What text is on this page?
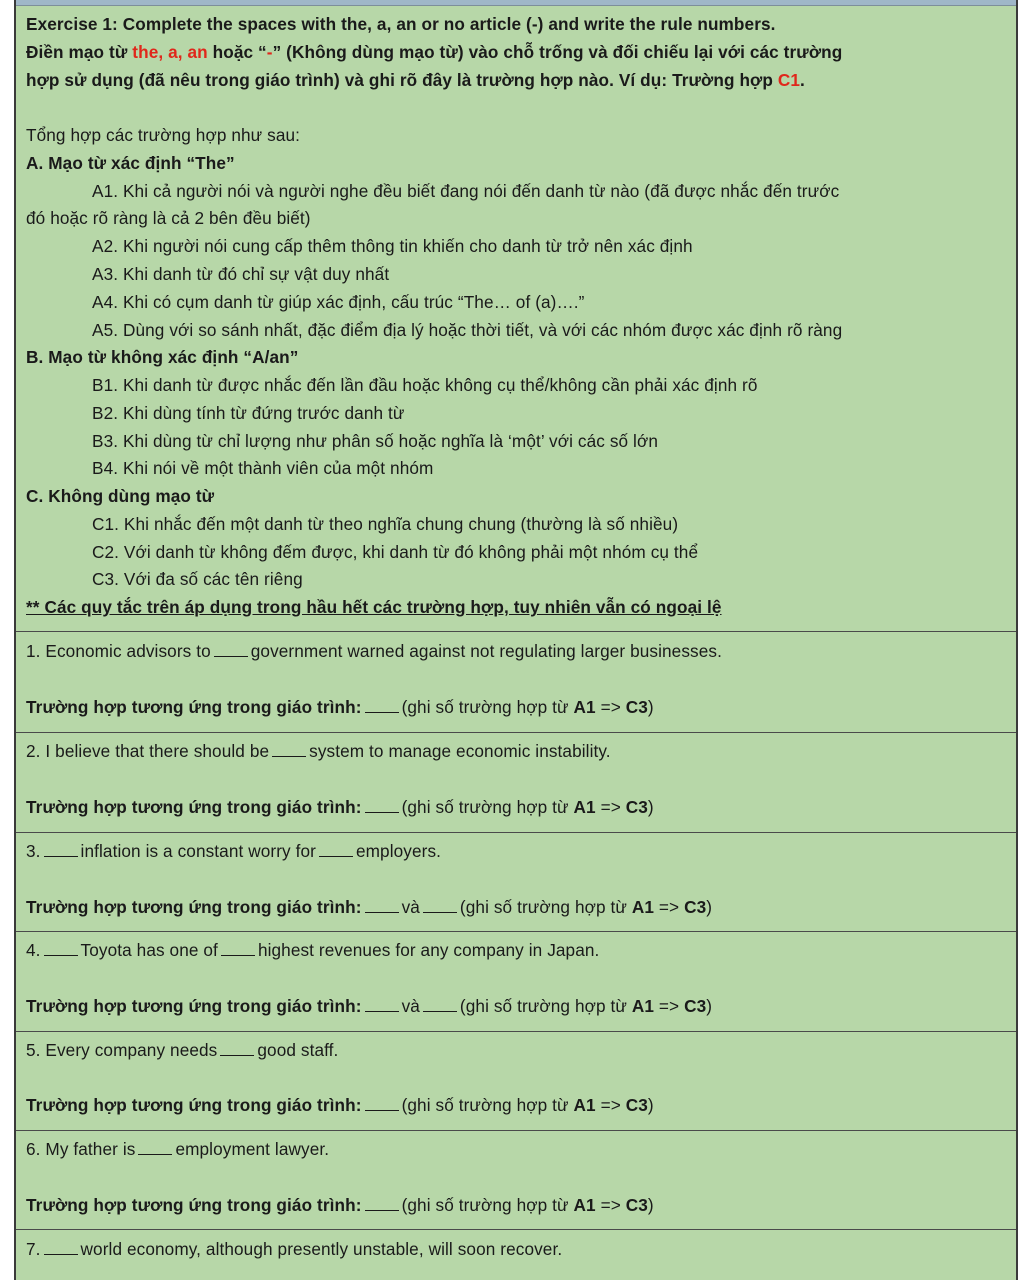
Exercise 1: Complete the spaces with the, a, an or no article (-) and write the rule numbers.
Điền mạo từ the, a, an hoặc “-” (Không dùng mạo từ) vào chỗ trống và đối chiếu lại với các trường
hợp sử dụng (đã nêu trong giáo trình) và ghi rõ đây là trường hợp nào. Ví dụ: Trường hợp C1.
Tổng hợp các trường hợp như sau:
A. Mạo từ xác định “The”
A1. Khi cả người nói và người nghe đều biết đang nói đến danh từ nào (đã được nhắc đến trước
đó hoặc rõ ràng là cả 2 bên đều biết)
A2. Khi người nói cung cấp thêm thông tin khiến cho danh từ trở nên xác định
A3. Khi danh từ đó chỉ sự vật duy nhất
A4. Khi có cụm danh từ giúp xác định, cấu trúc “The… of (a)….”
A5. Dùng với so sánh nhất, đặc điểm địa lý hoặc thời tiết, và với các nhóm được xác định rõ ràng
B. Mạo từ không xác định “A/an”
B1. Khi danh từ được nhắc đến lần đầu hoặc không cụ thể/không cần phải xác định rõ
B2. Khi dùng tính từ đứng trước danh từ
B3. Khi dùng từ chỉ lượng như phân số hoặc nghĩa là ‘một’ với các số lớn
B4. Khi nói về một thành viên của một nhóm
C. Không dùng mạo từ
C1. Khi nhắc đến một danh từ theo nghĩa chung chung (thường là số nhiều)
C2. Với danh từ không đếm được, khi danh từ đó không phải một nhóm cụ thể
C3. Với đa số các tên riêng
** Các quy tắc trên áp dụng trong hầu hết các trường hợp, tuy nhiên vẫn có ngoại lệ
1. Economic advisors to government warned against not regulating larger businesses.
Trường hợp tương ứng trong giáo trình: (ghi số trường hợp từ A1 => C3)
2. I believe that there should be system to manage economic instability.
Trường hợp tương ứng trong giáo trình: (ghi số trường hợp từ A1 => C3)
3. inflation is a constant worry for employers.
Trường hợp tương ứng trong giáo trình: và (ghi số trường hợp từ A1 => C3)
4. Toyota has one of highest revenues for any company in Japan.
Trường hợp tương ứng trong giáo trình: và (ghi số trường hợp từ A1 => C3)
5. Every company needs good staff.
Trường hợp tương ứng trong giáo trình: (ghi số trường hợp từ A1 => C3)
6. My father is employment lawyer.
Trường hợp tương ứng trong giáo trình: (ghi số trường hợp từ A1 => C3)
7. world economy, although presently unstable, will soon recover.
